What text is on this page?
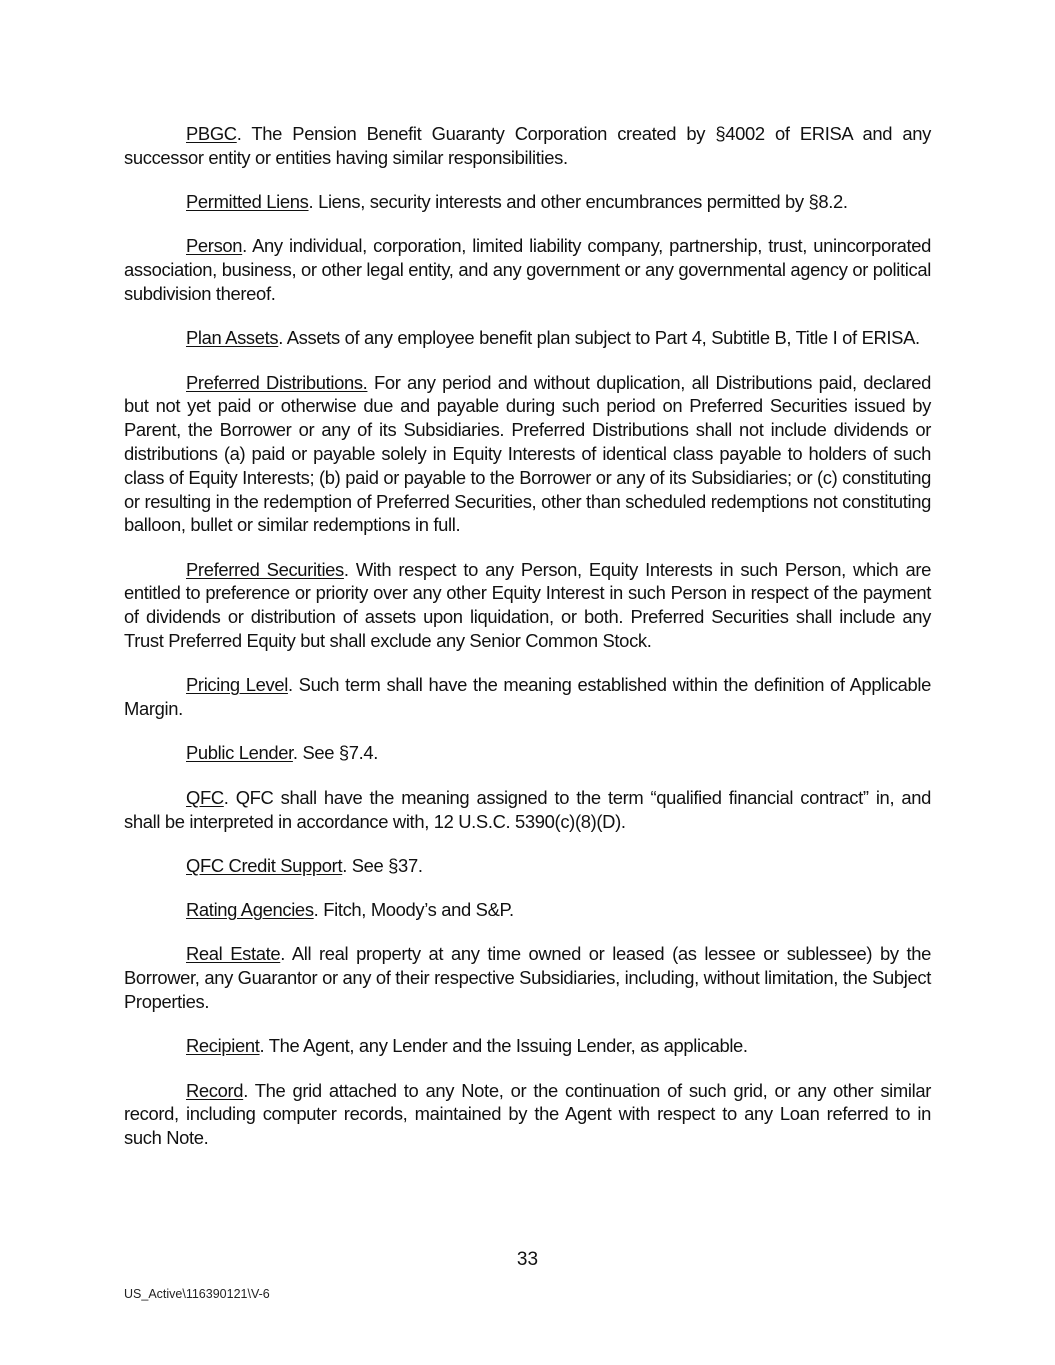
PBGC. The Pension Benefit Guaranty Corporation created by §4002 of ERISA and any successor entity or entities having similar responsibilities.

Permitted Liens. Liens, security interests and other encumbrances permitted by §8.2.

Person. Any individual, corporation, limited liability company, partnership, trust, unincorporated association, business, or other legal entity, and any government or any governmental agency or political subdivision thereof.

Plan Assets. Assets of any employee benefit plan subject to Part 4, Subtitle B, Title I of ERISA.

Preferred Distributions. For any period and without duplication, all Distributions paid, declared but not yet paid or otherwise due and payable during such period on Preferred Securities issued by Parent, the Borrower or any of its Subsidiaries. Preferred Distributions shall not include dividends or distributions (a) paid or payable solely in Equity Interests of identical class payable to holders of such class of Equity Interests; (b) paid or payable to the Borrower or any of its Subsidiaries; or (c) constituting or resulting in the redemption of Preferred Securities, other than scheduled redemptions not constituting balloon, bullet or similar redemptions in full.

Preferred Securities. With respect to any Person, Equity Interests in such Person, which are entitled to preference or priority over any other Equity Interest in such Person in respect of the payment of dividends or distribution of assets upon liquidation, or both. Preferred Securities shall include any Trust Preferred Equity but shall exclude any Senior Common Stock.

Pricing Level. Such term shall have the meaning established within the definition of Applicable Margin.

Public Lender. See §7.4.

QFC. QFC shall have the meaning assigned to the term “qualified financial contract” in, and shall be interpreted in accordance with, 12 U.S.C. 5390(c)(8)(D).

QFC Credit Support. See §37.

Rating Agencies. Fitch, Moody’s and S&P.

Real Estate. All real property at any time owned or leased (as lessee or sublessee) by the Borrower, any Guarantor or any of their respective Subsidiaries, including, without limitation, the Subject Properties.

Recipient. The Agent, any Lender and the Issuing Lender, as applicable.

Record. The grid attached to any Note, or the continuation of such grid, or any other similar record, including computer records, maintained by the Agent with respect to any Loan referred to in such Note.

33
US_Active\116390121\V-6
